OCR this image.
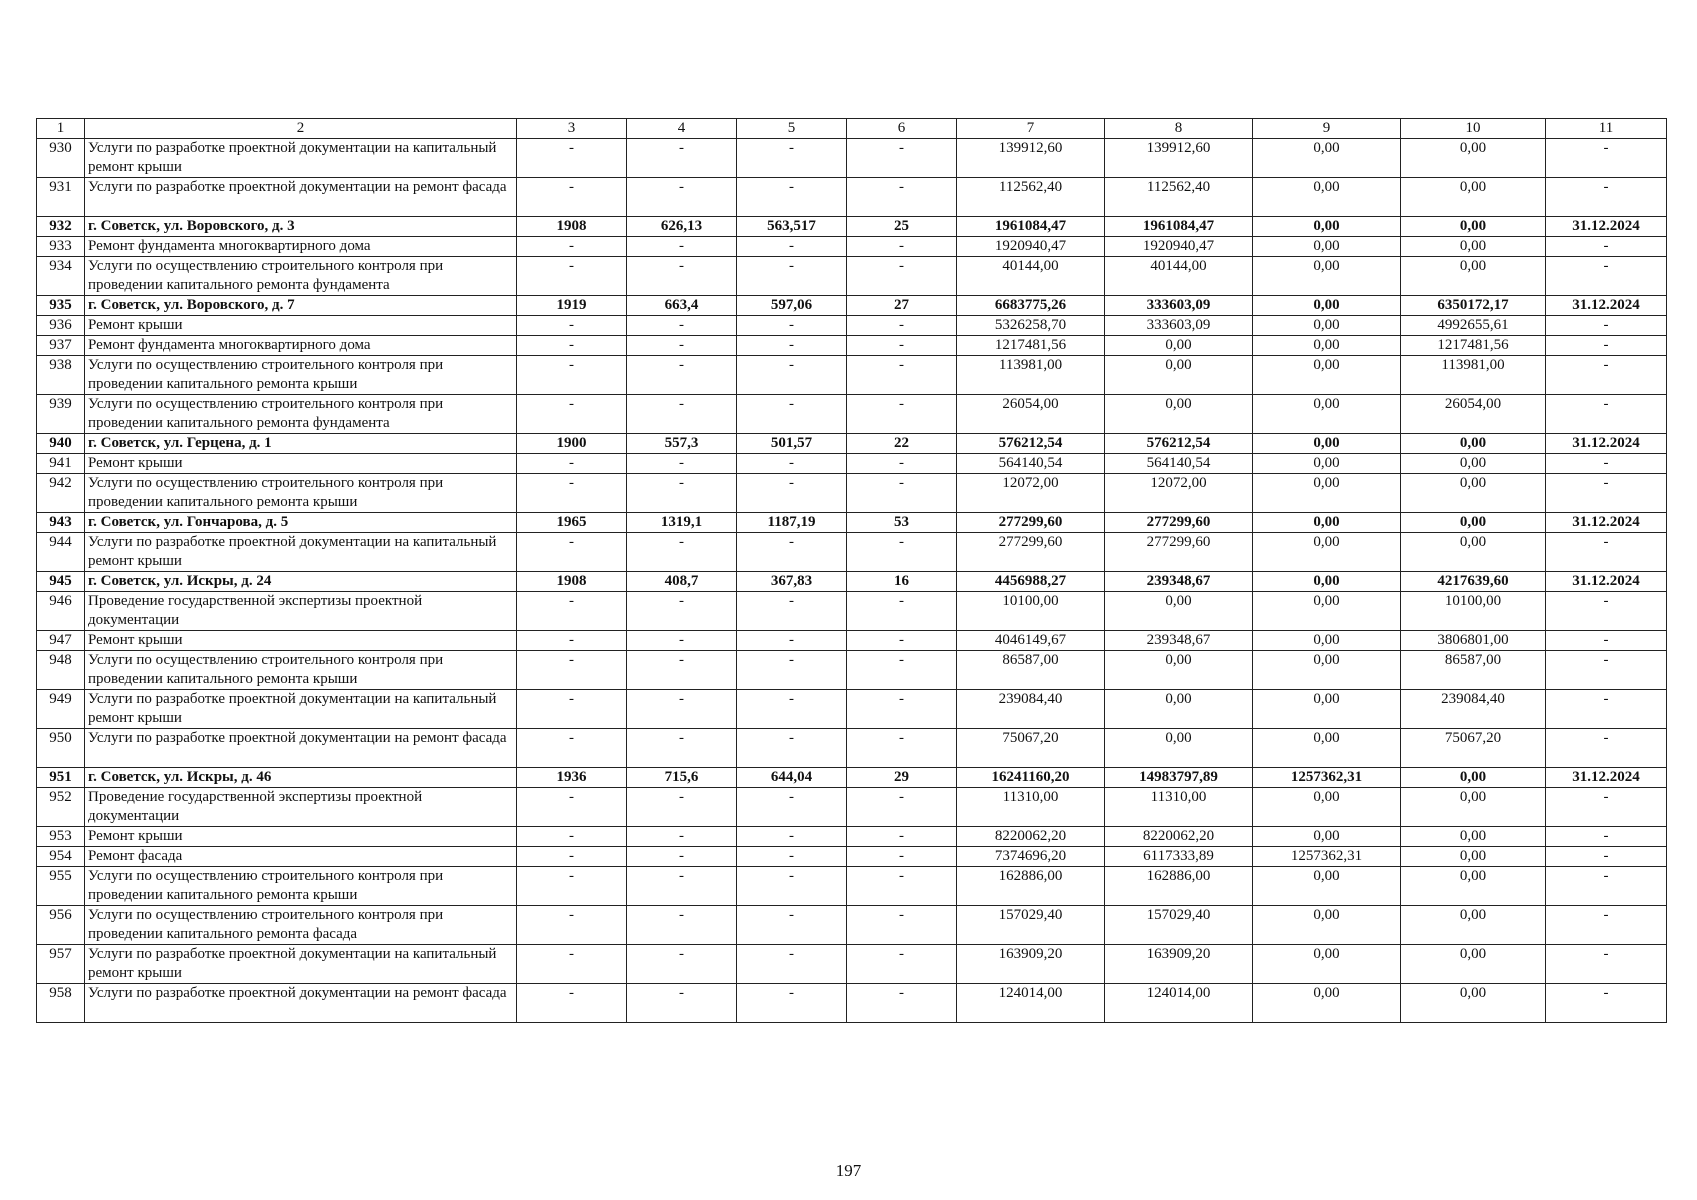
1	2	3	4	5	6	7	8	9	10	11
930	Услуги по разработке проектной документации на капитальный ремонт крыши	-	-	-	-	139912,60	139912,60	0,00	0,00	-
931	Услуги по разработке проектной документации на ремонт фасада	-	-	-	-	112562,40	112562,40	0,00	0,00	-
932	г. Советск, ул. Воровского, д. 3	1908	626,13	563,517	25	1961084,47	1961084,47	0,00	0,00	31.12.2024
933	Ремонт фундамента многоквартирного дома	-	-	-	-	1920940,47	1920940,47	0,00	0,00	-
934	Услуги по осуществлению строительного контроля при проведении капитального ремонта фундамента	-	-	-	-	40144,00	40144,00	0,00	0,00	-
935	г. Советск, ул. Воровского, д. 7	1919	663,4	597,06	27	6683775,26	333603,09	0,00	6350172,17	31.12.2024
936	Ремонт крыши	-	-	-	-	5326258,70	333603,09	0,00	4992655,61	-
937	Ремонт фундамента многоквартирного дома	-	-	-	-	1217481,56	0,00	0,00	1217481,56	-
938	Услуги по осуществлению строительного контроля при проведении капитального ремонта крыши	-	-	-	-	113981,00	0,00	0,00	113981,00	-
939	Услуги по осуществлению строительного контроля при проведении капитального ремонта фундамента	-	-	-	-	26054,00	0,00	0,00	26054,00	-
940	г. Советск, ул. Герцена, д. 1	1900	557,3	501,57	22	576212,54	576212,54	0,00	0,00	31.12.2024
941	Ремонт крыши	-	-	-	-	564140,54	564140,54	0,00	0,00	-
942	Услуги по осуществлению строительного контроля при проведении капитального ремонта крыши	-	-	-	-	12072,00	12072,00	0,00	0,00	-
943	г. Советск, ул. Гончарова, д. 5	1965	1319,1	1187,19	53	277299,60	277299,60	0,00	0,00	31.12.2024
944	Услуги по разработке проектной документации на капитальный ремонт крыши	-	-	-	-	277299,60	277299,60	0,00	0,00	-
945	г. Советск, ул. Искры, д. 24	1908	408,7	367,83	16	4456988,27	239348,67	0,00	4217639,60	31.12.2024
946	Проведение государственной экспертизы проектной документации	-	-	-	-	10100,00	0,00	0,00	10100,00	-
947	Ремонт крыши	-	-	-	-	4046149,67	239348,67	0,00	3806801,00	-
948	Услуги по осуществлению строительного контроля при проведении капитального ремонта крыши	-	-	-	-	86587,00	0,00	0,00	86587,00	-
949	Услуги по разработке проектной документации на капитальный ремонт крыши	-	-	-	-	239084,40	0,00	0,00	239084,40	-
950	Услуги по разработке проектной документации на ремонт фасада	-	-	-	-	75067,20	0,00	0,00	75067,20	-
951	г. Советск, ул. Искры, д. 46	1936	715,6	644,04	29	16241160,20	14983797,89	1257362,31	0,00	31.12.2024
952	Проведение государственной экспертизы проектной документации	-	-	-	-	11310,00	11310,00	0,00	0,00	-
953	Ремонт крыши	-	-	-	-	8220062,20	8220062,20	0,00	0,00	-
954	Ремонт фасада	-	-	-	-	7374696,20	6117333,89	1257362,31	0,00	-
955	Услуги по осуществлению строительного контроля при проведении капитального ремонта крыши	-	-	-	-	162886,00	162886,00	0,00	0,00	-
956	Услуги по осуществлению строительного контроля при проведении капитального ремонта фасада	-	-	-	-	157029,40	157029,40	0,00	0,00	-
957	Услуги по разработке проектной документации на капитальный ремонт крыши	-	-	-	-	163909,20	163909,20	0,00	0,00	-
958	Услуги по разработке проектной документации на ремонт фасада	-	-	-	-	124014,00	124014,00	0,00	0,00	-
197
